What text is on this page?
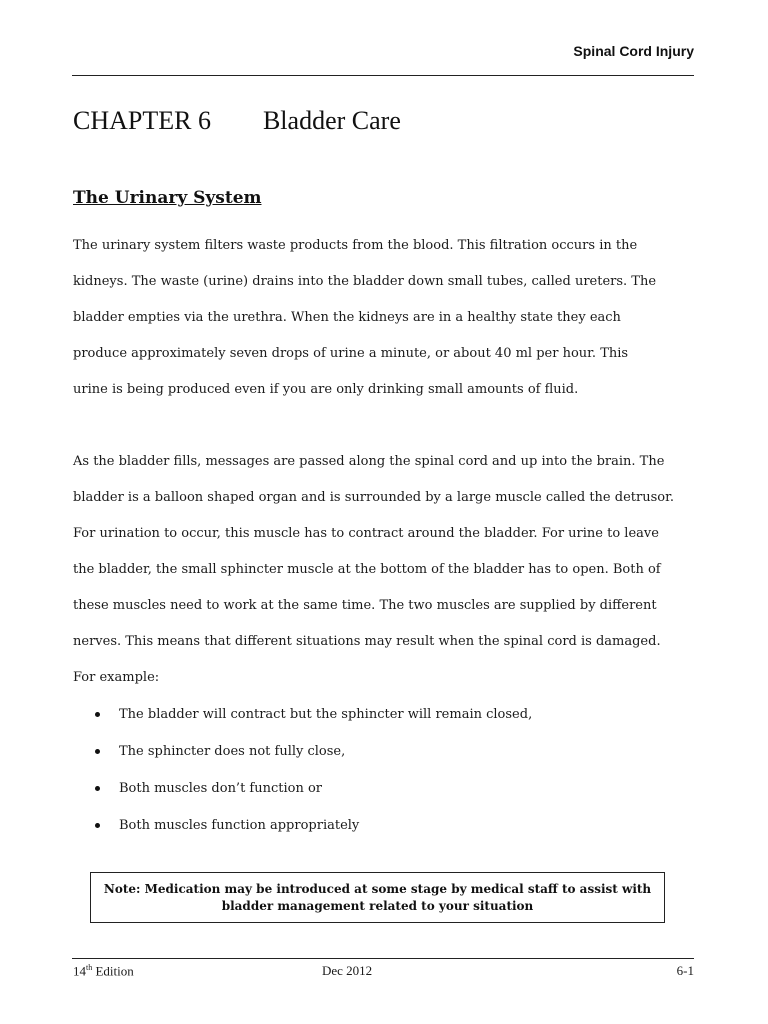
Spinal Cord Injury
CHAPTER 6 Bladder Care
The Urinary System

The urinary system filters waste products from the blood. This filtration occurs in the
kidneys. The waste (urine) drains into the bladder down small tubes, called ureters. The
bladder empties via the urethra. When the kidneys are in a healthy state they each
produce approximately seven drops of urine a minute, or about 40 ml per hour. This
urine is being produced even if you are only drinking small amounts of fluid.

As the bladder fills, messages are passed along the spinal cord and up into the brain. The
bladder is a balloon shaped organ and is surrounded by a large muscle called the detrusor.
For urination to occur, this muscle has to contract around the bladder. For urine to leave
the bladder, the small sphincter muscle at the bottom of the bladder has to open. Both of
these muscles need to work at the same time. The two muscles are supplied by different
nerves. This means that different situations may result when the spinal cord is damaged.
For example:

The bladder will contract but the sphincter will remain closed,
The sphincter does not fully close,
Both muscles don’t function or
Both muscles function appropriately
Note: Medication may be introduced at some stage by medical staff to assist with
bladder management related to your situation
14th Edition	Dec 2012	6-1
